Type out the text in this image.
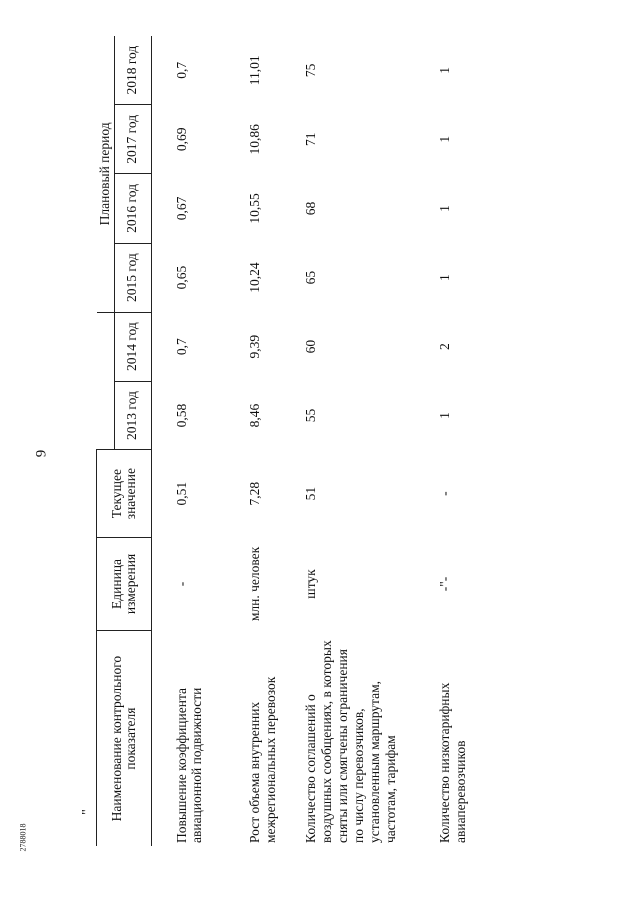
9
"
2788018
Наименование контрольного показателя	Единица измерения	Текущее значение			Плановый период			
			2013 год	2014 год	2015 год	2016 год	2017 год	2018 год
Повышение коэффициента авиационной подвижности	-	0,51	0,58	0,7	0,65	0,67	0,69	0,7
Рост объема внутренних межрегиональных перевозок	млн. человек	7,28	8,46	9,39	10,24	10,55	10,86	11,01
Количество соглашений о воздушных сообщениях, в которых сняты или смягчены ограничения по числу перевозчиков, установленным маршрутам, частотам, тарифам	штук	51	55	60	65	68	71	75
Количество низкотарифных авиаперевозчиков	-"-	-	1	2	1	1	1	1
